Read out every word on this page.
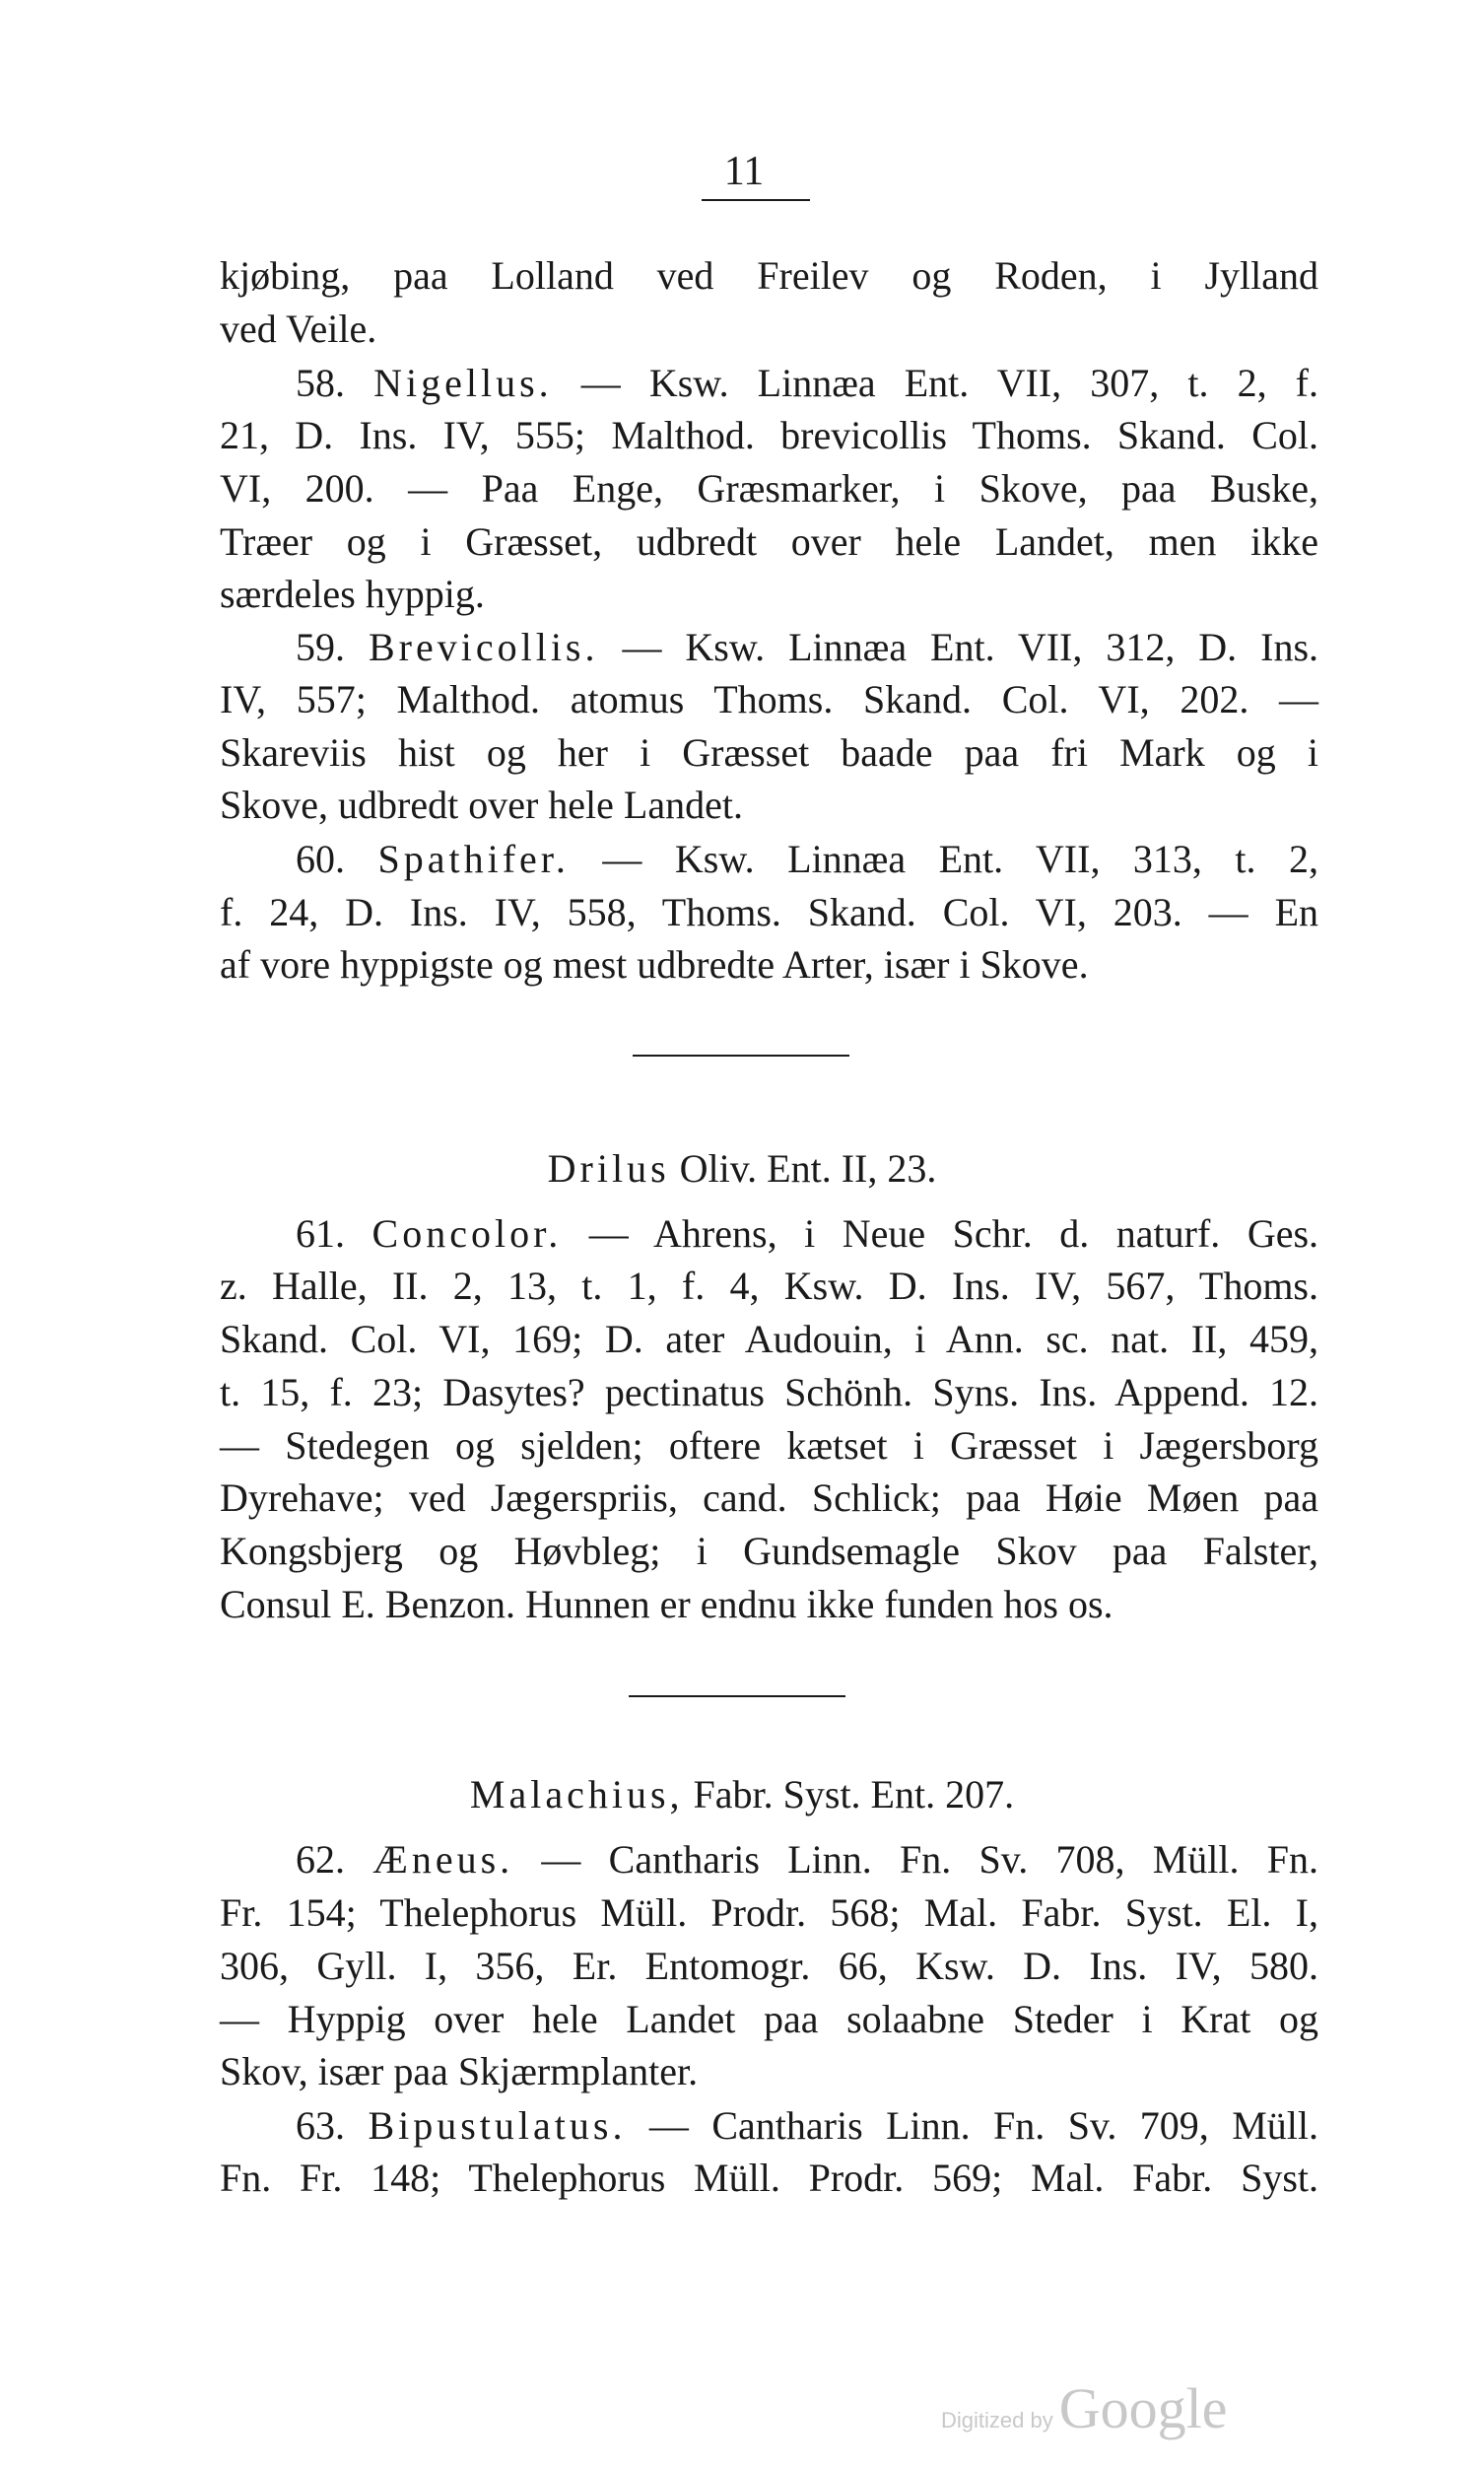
11
kjøbing, paa Lolland ved Freilev og Roden, i Jylland
ved Veile.
58. Nigellus. — Ksw. Linnæa Ent. VII, 307, t. 2, f.
21, D. Ins. IV, 555; Malthod. brevicollis Thoms. Skand. Col.
VI, 200. — Paa Enge, Græsmarker, i Skove, paa Buske,
Træer og i Græsset, udbredt over hele Landet, men ikke
særdeles hyppig.
59. Brevicollis. — Ksw. Linnæa Ent. VII, 312, D. Ins.
IV, 557; Malthod. atomus Thoms. Skand. Col. VI, 202. —
Skareviis hist og her i Græsset baade paa fri Mark og i
Skove, udbredt over hele Landet.
60. Spathifer. — Ksw. Linnæa Ent. VII, 313, t. 2,
f. 24, D. Ins. IV, 558, Thoms. Skand. Col. VI, 203. — En
af vore hyppigste og mest udbredte Arter, især i Skove.
Drilus Oliv. Ent. II, 23.
61. Concolor. — Ahrens, i Neue Schr. d. naturf. Ges.
z. Halle, II. 2, 13, t. 1, f. 4, Ksw. D. Ins. IV, 567, Thoms.
Skand. Col. VI, 169; D. ater Audouin, i Ann. sc. nat. II, 459,
t. 15, f. 23; Dasytes? pectinatus Schönh. Syns. Ins. Append. 12.
— Stedegen og sjelden; oftere kætset i Græsset i Jægersborg
Dyrehave; ved Jægerspriis, cand. Schlick; paa Høie Møen paa
Kongsbjerg og Høvbleg; i Gundsemagle Skov paa Falster,
Consul E. Benzon. Hunnen er endnu ikke funden hos os.
Malachius, Fabr. Syst. Ent. 207.
62. Æneus. — Cantharis Linn. Fn. Sv. 708, Müll. Fn.
Fr. 154; Thelephorus Müll. Prodr. 568; Mal. Fabr. Syst. El. I,
306, Gyll. I, 356, Er. Entomogr. 66, Ksw. D. Ins. IV, 580.
— Hyppig over hele Landet paa solaabne Steder i Krat og
Skov, især paa Skjærmplanter.
63. Bipustulatus. — Cantharis Linn. Fn. Sv. 709, Müll.
Fn. Fr. 148; Thelephorus Müll. Prodr. 569; Mal. Fabr. Syst.
Digitized by Google
